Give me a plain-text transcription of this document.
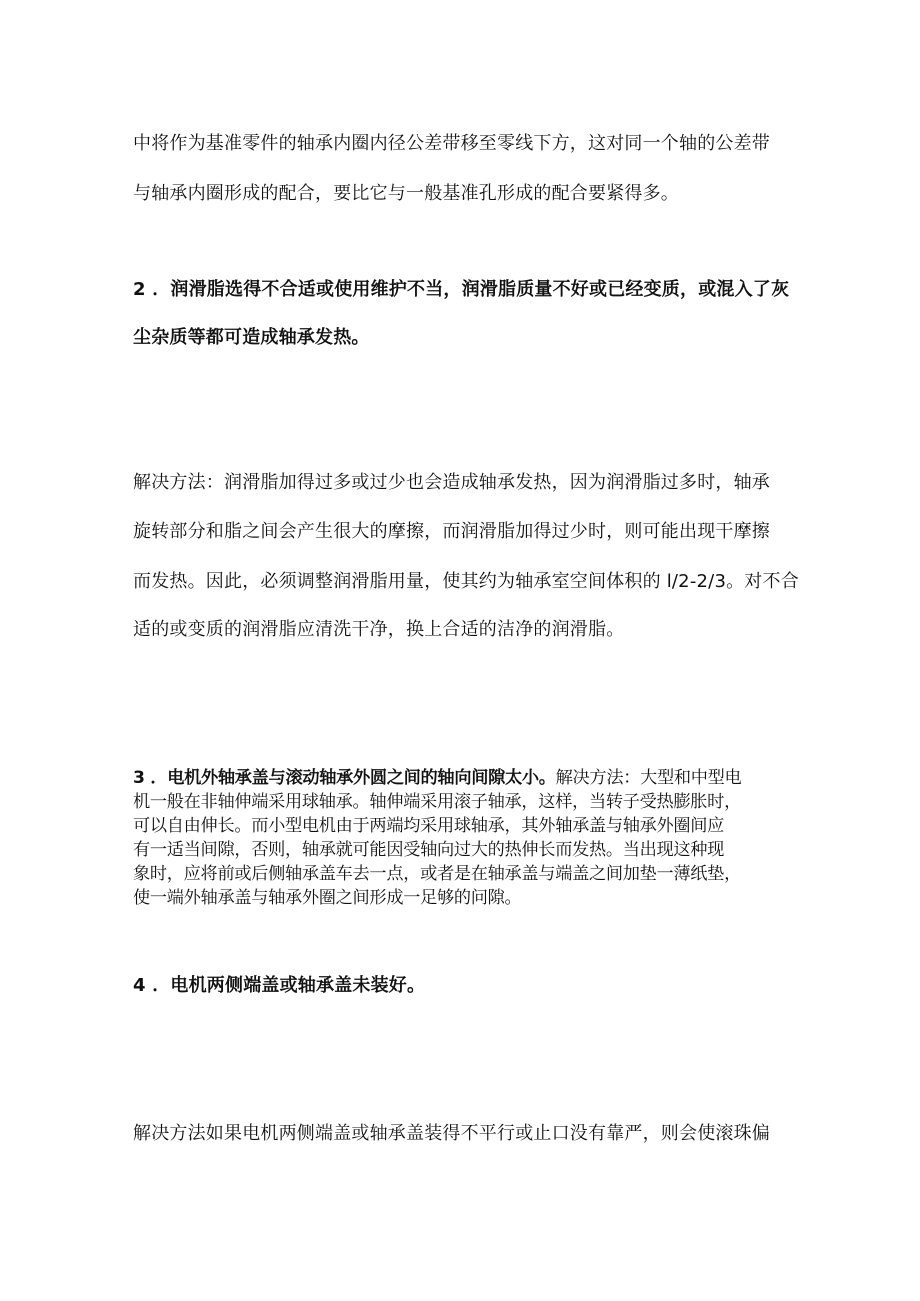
中将作为基准零件的轴承内圈内径公差带移至零线下方，这对同一个轴的公差带

与轴承内圈形成的配合，要比它与一般基准孔形成的配合要紧得多。

2 ．润滑脂选得不合适或使用维护不当，润滑脂质量不好或已经变质，或混入了灰

尘杂质等都可造成轴承发热。

解决方法：润滑脂加得过多或过少也会造成轴承发热，因为润滑脂过多时，轴承

旋转部分和脂之间会产生很大的摩擦，而润滑脂加得过少时，则可能出现干摩擦

而发热。因此，必须调整润滑脂用量，使其约为轴承室空间体积的 l/2-2/3。对不合

适的或变质的润滑脂应清洗干净，换上合适的洁净的润滑脂。

3 ．电机外轴承盖与滚动轴承外圆之间的轴向间隙太小。解决方法：大型和中型电

机一般在非轴伸端采用球轴承。轴伸端采用滚子轴承，这样，当转子受热膨胀时，

可以自由伸长。而小型电机由于两端均采用球轴承，其外轴承盖与轴承外圈间应

有一适当间隙，否则，轴承就可能因受轴向过大的热伸长而发热。当出现这种现

象时，应将前或后侧轴承盖车去一点，或者是在轴承盖与端盖之间加垫一薄纸垫，

使一端外轴承盖与轴承外圈之间形成一足够的问隙。

4 ．电机两侧端盖或轴承盖未装好。

解决方法如果电机两侧端盖或轴承盖装得不平行或止口没有靠严，则会使滚珠偏
